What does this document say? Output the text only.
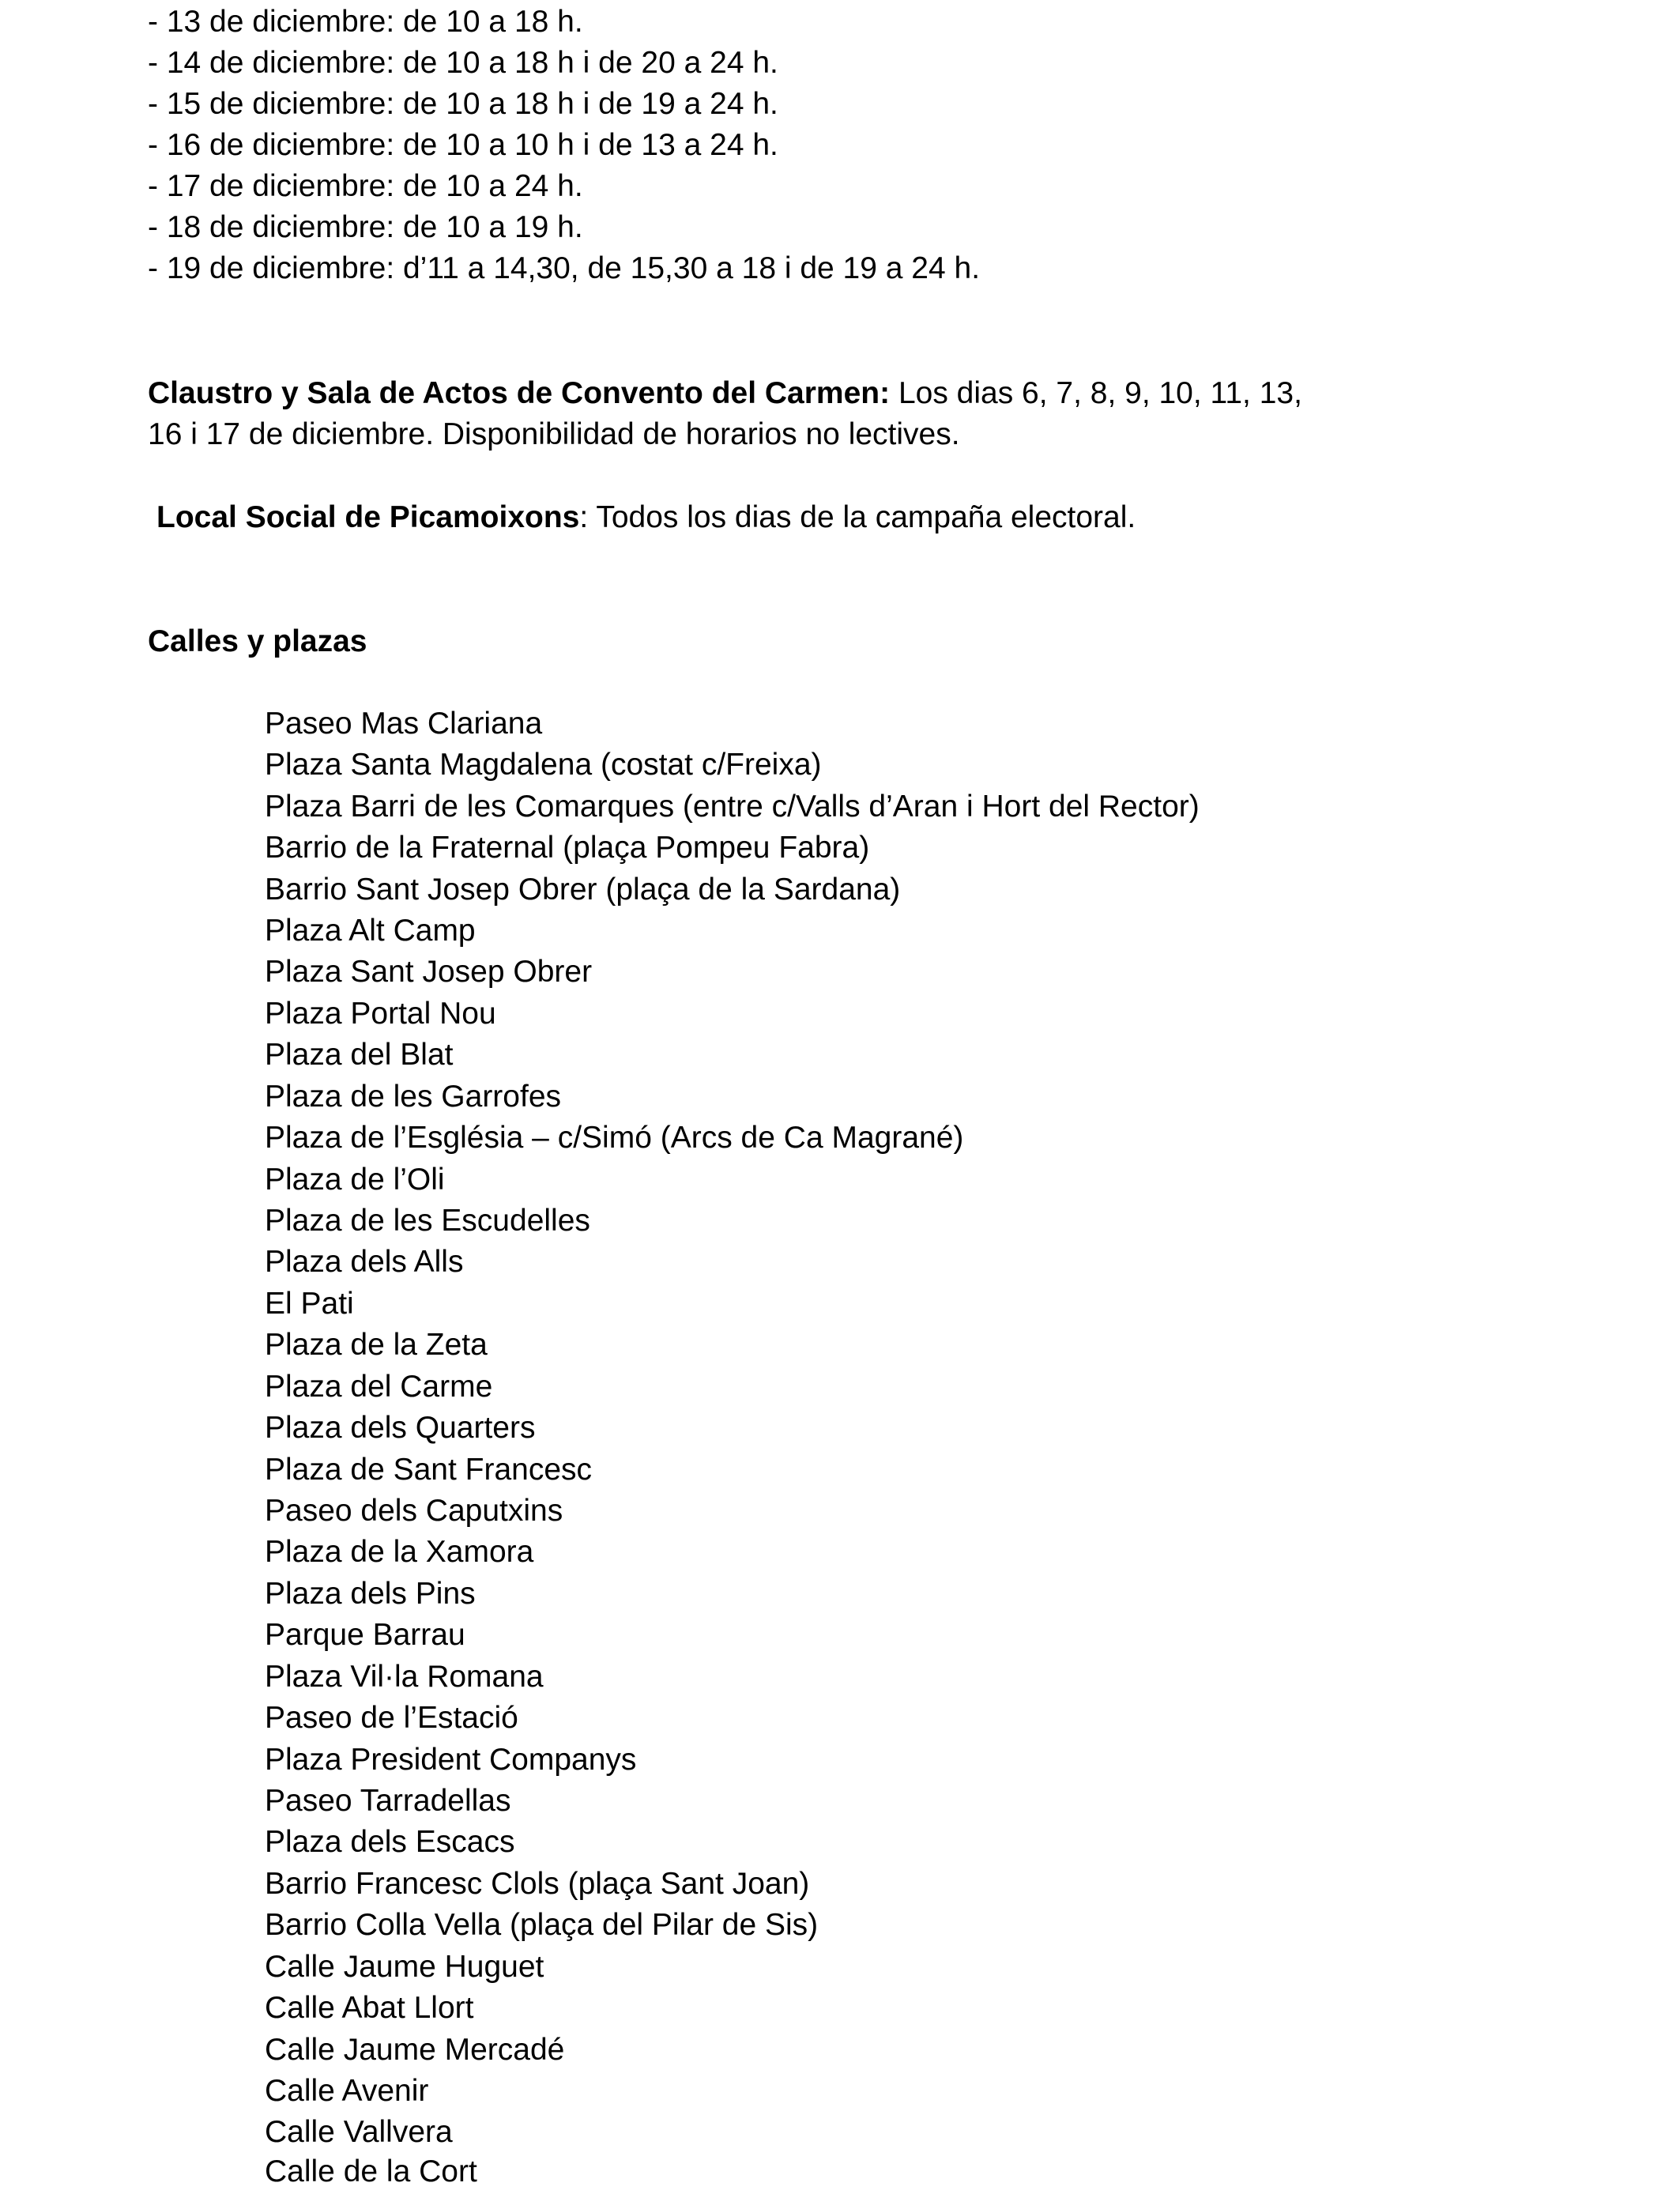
- 13 de diciembre: de 10 a 18 h.
- 14 de diciembre: de 10 a 18 h i de 20 a 24 h.
- 15 de diciembre: de 10 a 18 h i de 19 a 24 h.
- 16 de diciembre: de 10 a 10 h i de 13 a 24 h.
- 17 de diciembre: de 10 a 24 h.
- 18 de diciembre: de 10 a 19 h.
- 19 de diciembre: d’11 a 14,30, de 15,30 a 18 i de 19 a 24 h.
Claustro y Sala de Actos de Convento del Carmen: Los dias 6, 7, 8, 9, 10, 11, 13,
16 i 17 de diciembre. Disponibilidad de horarios no lectives.
Local Social de Picamoixons: Todos los dias de la campaña electoral.
Calles y plazas
Paseo Mas Clariana
Plaza Santa Magdalena (costat c/Freixa)
Plaza Barri de les Comarques (entre c/Valls d’Aran i Hort del Rector)
Barrio de la Fraternal (plaça Pompeu Fabra)
Barrio Sant Josep Obrer (plaça de la Sardana)
Plaza Alt Camp
Plaza Sant Josep Obrer
Plaza Portal Nou
Plaza del Blat
Plaza de les Garrofes
Plaza de l’Església – c/Simó (Arcs de Ca Magrané)
Plaza de l’Oli
Plaza de les Escudelles
Plaza dels Alls
El Pati
Plaza de la Zeta
Plaza del Carme
Plaza dels Quarters
Plaza de Sant Francesc
Paseo dels Caputxins
Plaza de la Xamora
Plaza dels Pins
Parque Barrau
Plaza Vil·la Romana
Paseo de l’Estació
Plaza President Companys
Paseo Tarradellas
Plaza dels Escacs
Barrio Francesc Clols (plaça Sant Joan)
Barrio Colla Vella (plaça del Pilar de Sis)
Calle Jaume Huguet
Calle Abat Llort
Calle Jaume Mercadé
Calle Avenir
Calle Vallvera
Calle de la Cort
